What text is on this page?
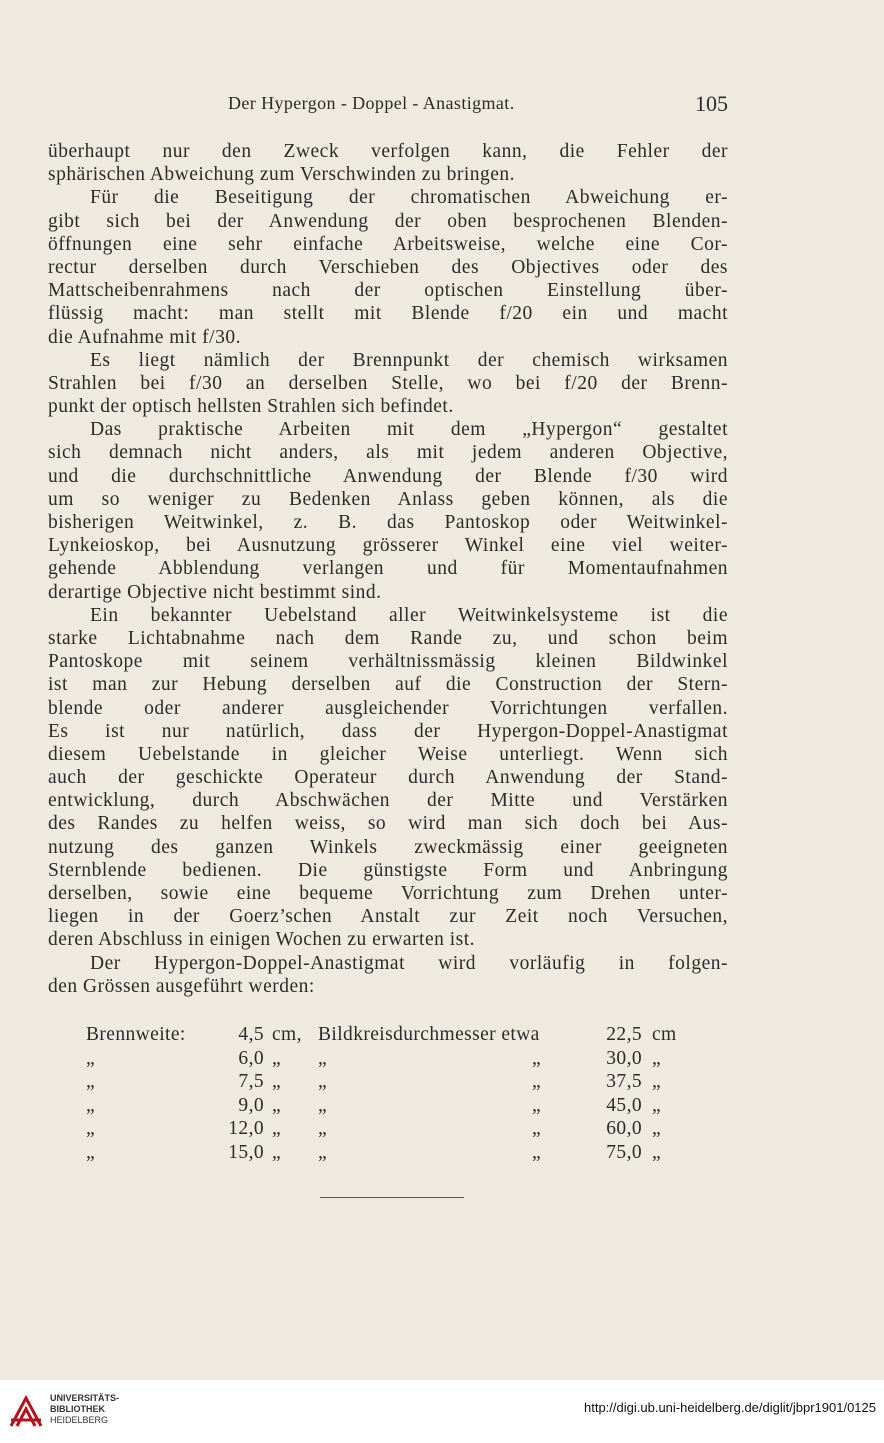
Der Hypergon - Doppel - Anastigmat.	105
überhaupt nur den Zweck verfolgen kann, die Fehler der
sphärischen Abweichung zum Verschwinden zu bringen.
Für die Beseitigung der chromatischen Abweichung er-
gibt sich bei der Anwendung der oben besprochenen Blenden-
öffnungen eine sehr einfache Arbeitsweise, welche eine Cor-
rectur derselben durch Verschieben des Objectives oder des
Mattscheibenrahmens nach der optischen Einstellung über-
flüssig macht: man stellt mit Blende f/20 ein und macht
die Aufnahme mit f/30.
Es liegt nämlich der Brennpunkt der chemisch wirksamen
Strahlen bei f/30 an derselben Stelle, wo bei f/20 der Brenn-
punkt der optisch hellsten Strahlen sich befindet.
Das praktische Arbeiten mit dem „Hypergon“ gestaltet
sich demnach nicht anders, als mit jedem anderen Objective,
und die durchschnittliche Anwendung der Blende f/30 wird
um so weniger zu Bedenken Anlass geben können, als die
bisherigen Weitwinkel, z. B. das Pantoskop oder Weitwinkel-
Lynkeioskop, bei Ausnutzung grösserer Winkel eine viel weiter-
gehende Abblendung verlangen und für Momentaufnahmen
derartige Objective nicht bestimmt sind.
Ein bekannter Uebelstand aller Weitwinkelsysteme ist die
starke Lichtabnahme nach dem Rande zu, und schon beim
Pantoskope mit seinem verhältnissmässig kleinen Bildwinkel
ist man zur Hebung derselben auf die Construction der Stern-
blende oder anderer ausgleichender Vorrichtungen verfallen.
Es ist nur natürlich, dass der Hypergon-Doppel-Anastigmat
diesem Uebelstande in gleicher Weise unterliegt. Wenn sich
auch der geschickte Operateur durch Anwendung der Stand-
entwicklung, durch Abschwächen der Mitte und Verstärken
des Randes zu helfen weiss, so wird man sich doch bei Aus-
nutzung des ganzen Winkels zweckmässig einer geeigneten
Sternblende bedienen. Die günstigste Form und Anbringung
derselben, sowie eine bequeme Vorrichtung zum Drehen unter-
liegen in der Goerz’schen Anstalt zur Zeit noch Versuchen,
deren Abschluss in einigen Wochen zu erwarten ist.
Der Hypergon-Doppel-Anastigmat wird vorläufig in folgen-
den Grössen ausgeführt werden:
Brennweite:	4,5 cm, Bildkreisdurchmesser etwa	22,5 cm
„	6,0 „ „	„	30,0 „
„	7,5 „ „	„	37,5 „
„	9,0 „ „	„	45,0 „
„	12,0 „ „	„	60,0 „
„	15,0 „ „	„	75,0 „
UNIVERSITÄTS-
BIBLIOTHEK
HEIDELBERG
http://digi.ub.uni-heidelberg.de/diglit/jbpr1901/0125
